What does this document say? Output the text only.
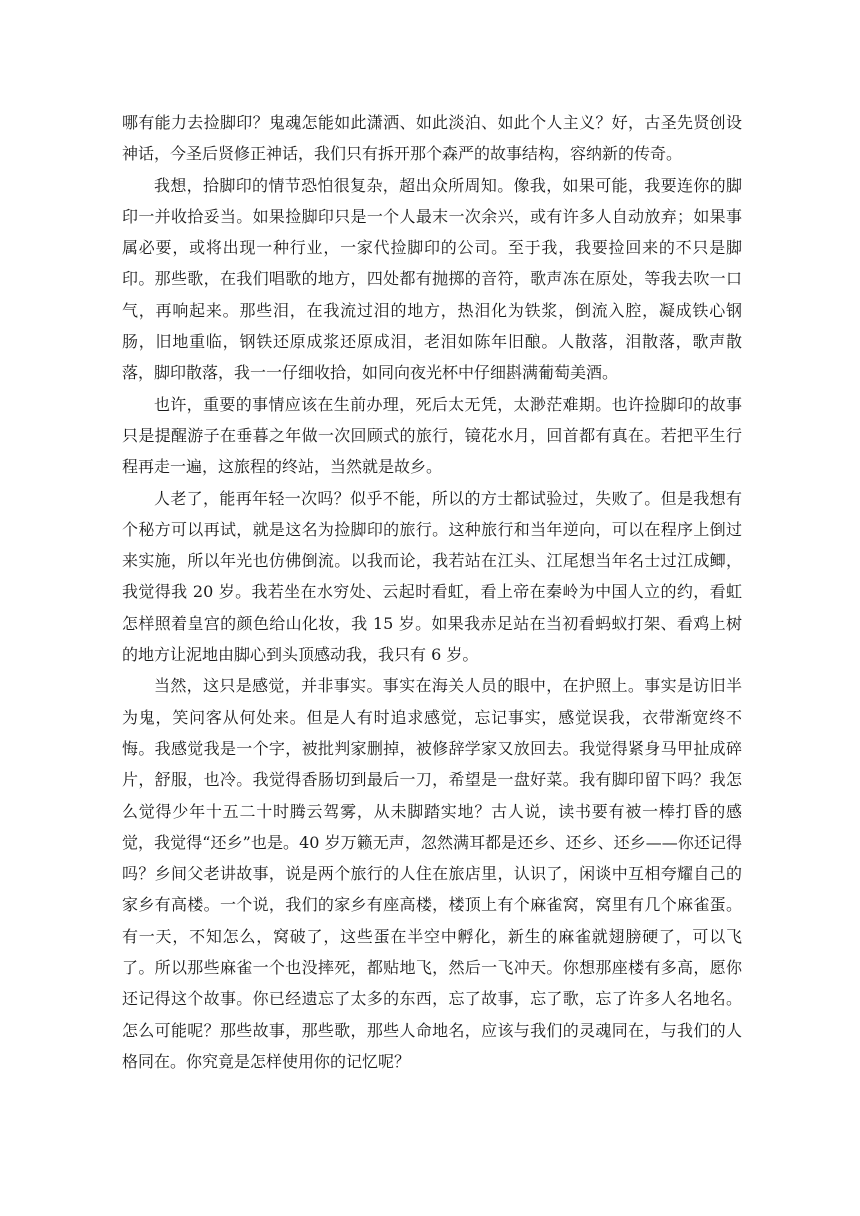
哪有能力去捡脚印？鬼魂怎能如此潇洒、如此淡泊、如此个人主义？好，古圣先贤创设神话，今圣后贤修正神话，我们只有拆开那个森严的故事结构，容纳新的传奇。

我想，拾脚印的情节恐怕很复杂，超出众所周知。像我，如果可能，我要连你的脚印一并收拾妥当。如果捡脚印只是一个人最末一次余兴，或有许多人自动放弃；如果事属必要，或将出现一种行业，一家代捡脚印的公司。至于我，我要捡回来的不只是脚印。那些歌，在我们唱歌的地方，四处都有抛掷的音符，歌声冻在原处，等我去吹一口气，再响起来。那些泪，在我流过泪的地方，热泪化为铁浆，倒流入腔，凝成铁心钢肠，旧地重临，钢铁还原成浆还原成泪，老泪如陈年旧酿。人散落，泪散落，歌声散落，脚印散落，我一一仔细收拾，如同向夜光杯中仔细斟满葡萄美酒。

也许，重要的事情应该在生前办理，死后太无凭，太渺茫难期。也许捡脚印的故事只是提醒游子在垂暮之年做一次回顾式的旅行，镜花水月，回首都有真在。若把平生行程再走一遍，这旅程的终站，当然就是故乡。

人老了，能再年轻一次吗？似乎不能，所以的方士都试验过，失败了。但是我想有个秘方可以再试，就是这名为捡脚印的旅行。这种旅行和当年逆向，可以在程序上倒过来实施，所以年光也仿佛倒流。以我而论，我若站在江头、江尾想当年名士过江成鲫，我觉得我 20 岁。我若坐在水穷处、云起时看虹，看上帝在秦岭为中国人立的约，看虹怎样照着皇宫的颜色给山化妆，我 15 岁。如果我赤足站在当初看蚂蚁打架、看鸡上树的地方让泥地由脚心到头顶感动我，我只有 6 岁。

当然，这只是感觉，并非事实。事实在海关人员的眼中，在护照上。事实是访旧半为鬼，笑问客从何处来。但是人有时追求感觉，忘记事实，感觉误我，衣带渐宽终不悔。我感觉我是一个字，被批判家删掉，被修辞学家又放回去。我觉得紧身马甲扯成碎片，舒服，也冷。我觉得香肠切到最后一刀，希望是一盘好菜。我有脚印留下吗？我怎么觉得少年十五二十时腾云驾雾，从未脚踏实地？古人说，读书要有被一棒打昏的感觉，我觉得“还乡”也是。40 岁万籁无声，忽然满耳都是还乡、还乡、还乡——你还记得吗？乡间父老讲故事，说是两个旅行的人住在旅店里，认识了，闲谈中互相夸耀自己的家乡有高楼。一个说，我们的家乡有座高楼，楼顶上有个麻雀窝，窝里有几个麻雀蛋。有一天，不知怎么，窝破了，这些蛋在半空中孵化，新生的麻雀就翅膀硬了，可以飞了。所以那些麻雀一个也没摔死，都贴地飞，然后一飞冲天。你想那座楼有多高，愿你还记得这个故事。你已经遗忘了太多的东西，忘了故事，忘了歌，忘了许多人名地名。怎么可能呢？那些故事，那些歌，那些人命地名，应该与我们的灵魂同在，与我们的人格同在。你究竟是怎样使用你的记忆呢？
